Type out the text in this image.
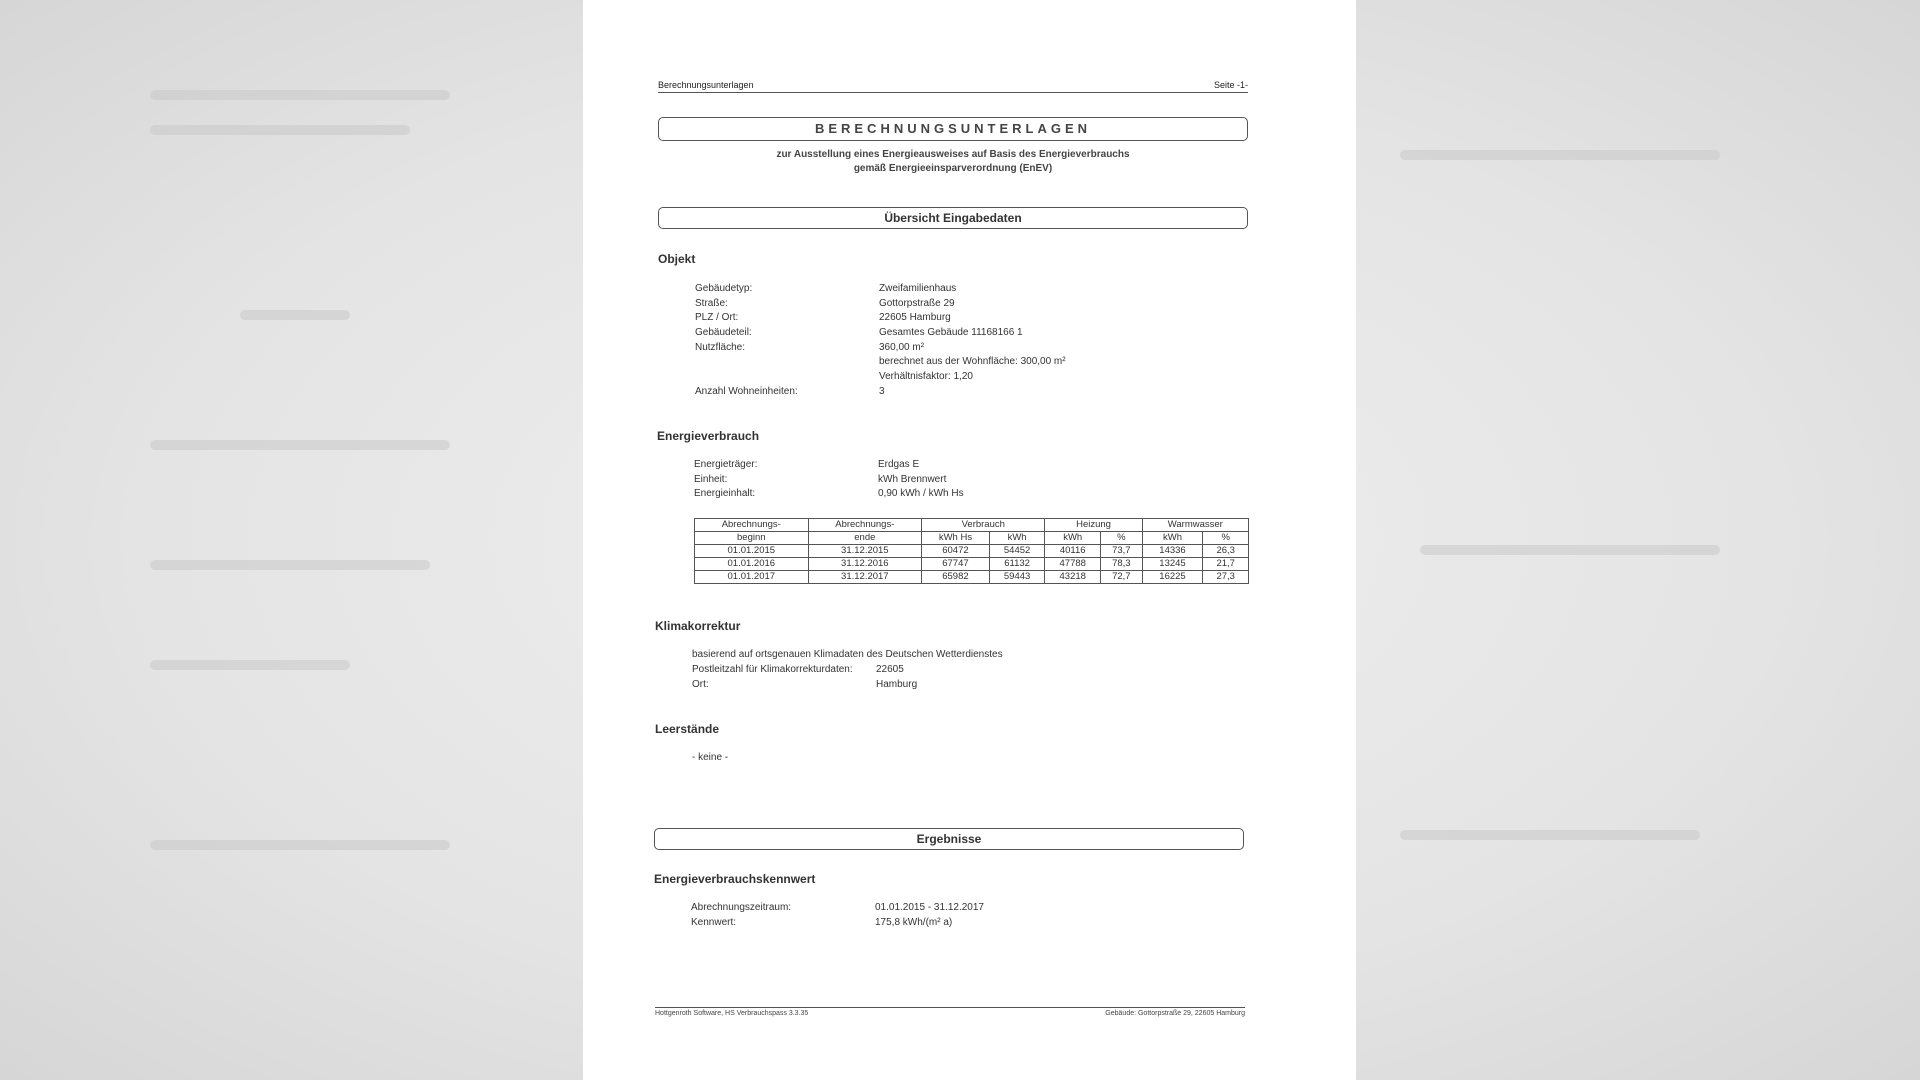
Berechnungsunterlagen	Seite -1-
BERECHNUNGSUNTERLAGEN
zur Ausstellung eines Energieausweises auf Basis des Energieverbrauchs
gemäß Energieeinsparverordnung (EnEV)
Übersicht Eingabedaten
Objekt
Gebäudetyp:	Zweifamilienhaus
Straße:	Gottorpstraße 29
PLZ / Ort:	22605 Hamburg
Gebäudeteil:	Gesamtes Gebäude 11168166 1
Nutzfläche:	360,00 m²
berechnet aus der Wohnfläche: 300,00 m²
Verhältnisfaktor: 1,20
Anzahl Wohneinheiten:	3
Energieverbrauch
Energieträger:	Erdgas E
Einheit:	kWh Brennwert
Energieinhalt:	0,90 kWh / kWh Hs
Abrechnungs-	Abrechnungs-	Verbrauch		Heizung		Warmwasser	
beginn	ende	kWh Hs	kWh	kWh	%	kWh	%
01.01.2015	31.12.2015	60472	54452	40116	73,7	14336	26,3
01.01.2016	31.12.2016	67747	61132	47788	78,3	13245	21,7
01.01.2017	31.12.2017	65982	59443	43218	72,7	16225	27,3
Klimakorrektur
basierend auf ortsgenauen Klimadaten des Deutschen Wetterdienstes
Postleitzahl für Klimakorrekturdaten: 22605
Ort:	Hamburg
Leerstände
- keine -
Ergebnisse
Energieverbrauchskennwert
Abrechnungszeitraum:	01.01.2015 - 31.12.2017
Kennwert:	175,8 kWh/(m² a)
Hottgenroth Software, HS Verbrauchspass 3.3.35	Gebäude: Gottorpstraße 29, 22605 Hamburg
